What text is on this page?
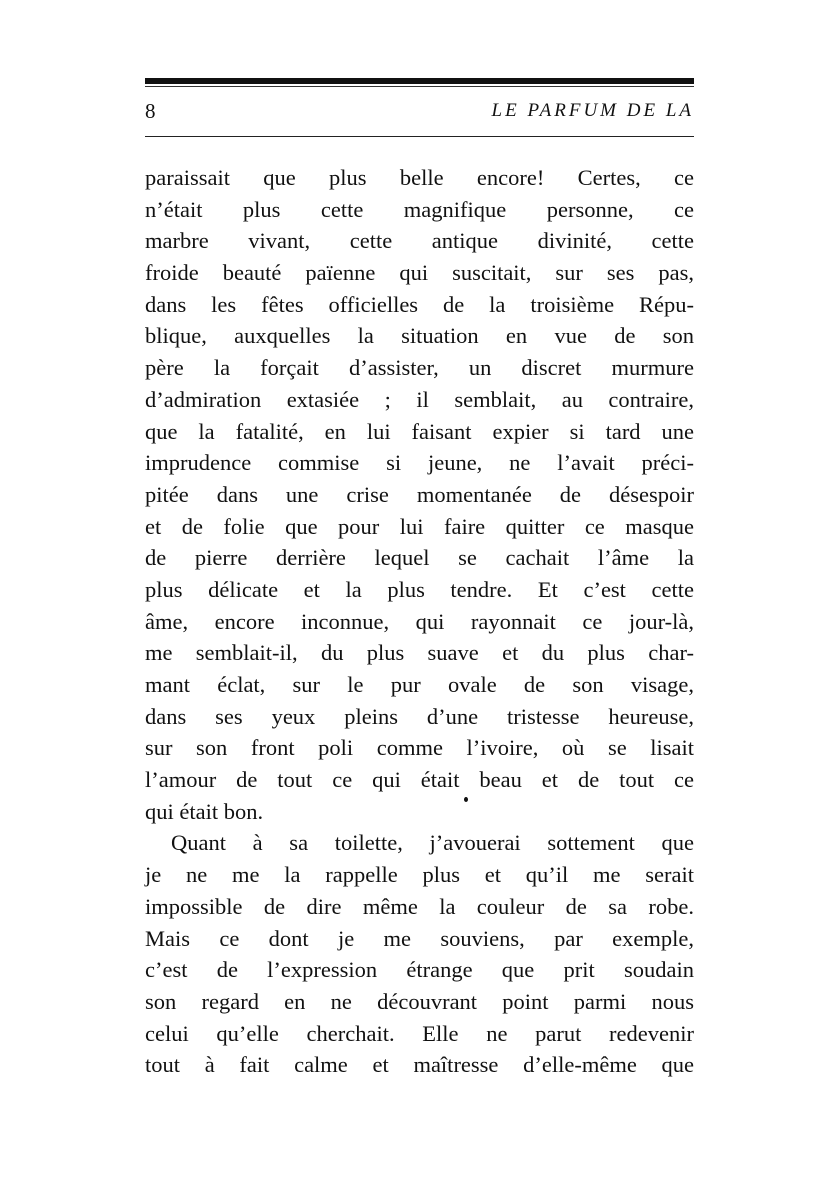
8	LE PARFUM DE LA
paraissait que plus belle encore! Certes, ce
n’était plus cette magnifique personne, ce
marbre vivant, cette antique divinité, cette
froide beauté païenne qui suscitait, sur ses pas,
dans les fêtes officielles de la troisième Répu-
blique, auxquelles la situation en vue de son
père la forçait d’assister, un discret murmure
d’admiration extasiée ; il semblait, au contraire,
que la fatalité, en lui faisant expier si tard une
imprudence commise si jeune, ne l’avait préci-
pitée dans une crise momentanée de désespoir
et de folie que pour lui faire quitter ce masque
de pierre derrière lequel se cachait l’âme la
plus délicate et la plus tendre. Et c’est cette
âme, encore inconnue, qui rayonnait ce jour-là,
me semblait-il, du plus suave et du plus char-
mant éclat, sur le pur ovale de son visage,
dans ses yeux pleins d’une tristesse heureuse,
sur son front poli comme l’ivoire, où se lisait
l’amour de tout ce qui était beau et de tout ce
qui était bon.
Quant à sa toilette, j’avouerai sottement que
je ne me la rappelle plus et qu’il me serait
impossible de dire même la couleur de sa robe.
Mais ce dont je me souviens, par exemple,
c’est de l’expression étrange que prit soudain
son regard en ne découvrant point parmi nous
celui qu’elle cherchait. Elle ne parut redevenir
tout à fait calme et maîtresse d’elle-même que
